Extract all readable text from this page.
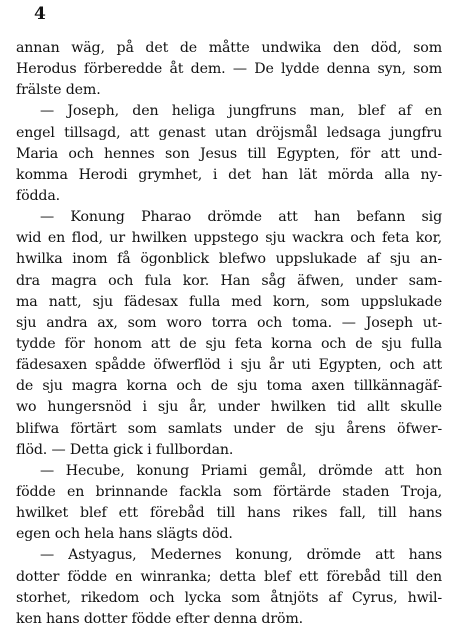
4
annan wäg, på det de måtte undwika den död, som
Herodus förberedde åt dem. — De lydde denna syn, som
frälste dem.
— Joseph, den heliga jungfruns man, blef af en
engel tillsagd, att genast utan dröjsmål ledsaga jungfru
Maria och hennes son Jesus till Egypten, för att und-
komma Herodi grymhet, i det han lät mörda alla ny-
födda.
— Konung Pharao drömde att han befann sig
wid en flod, ur hwilken uppstego sju wackra och feta kor,
hwilka inom få ögonblick blefwo uppslukade af sju an-
dra magra och fula kor. Han såg äfwen, under sam-
ma natt, sju fädesax fulla med korn, som uppslukade
sju andra ax, som woro torra och toma. — Joseph ut-
tydde för honom att de sju feta korna och de sju fulla
fädesaxen spådde öfwerflöd i sju år uti Egypten, och att
de sju magra korna och de sju toma axen tillkännagäf-
wo hungersnöd i sju år, under hwilken tid allt skulle
blifwa förtärt som samlats under de sju årens öfwer-
flöd. — Detta gick i fullbordan.
— Hecube, konung Priami gemål, drömde att hon
födde en brinnande fackla som förtärde staden Troja,
hwilket blef ett förebåd till hans rikes fall, till hans
egen och hela hans slägts död.
— Astyagus, Medernes konung, drömde att hans
dotter födde en winranka; detta blef ett förebåd till den
storhet, rikedom och lycka som åtnjöts af Cyrus, hwil-
ken hans dotter födde efter denna dröm.
